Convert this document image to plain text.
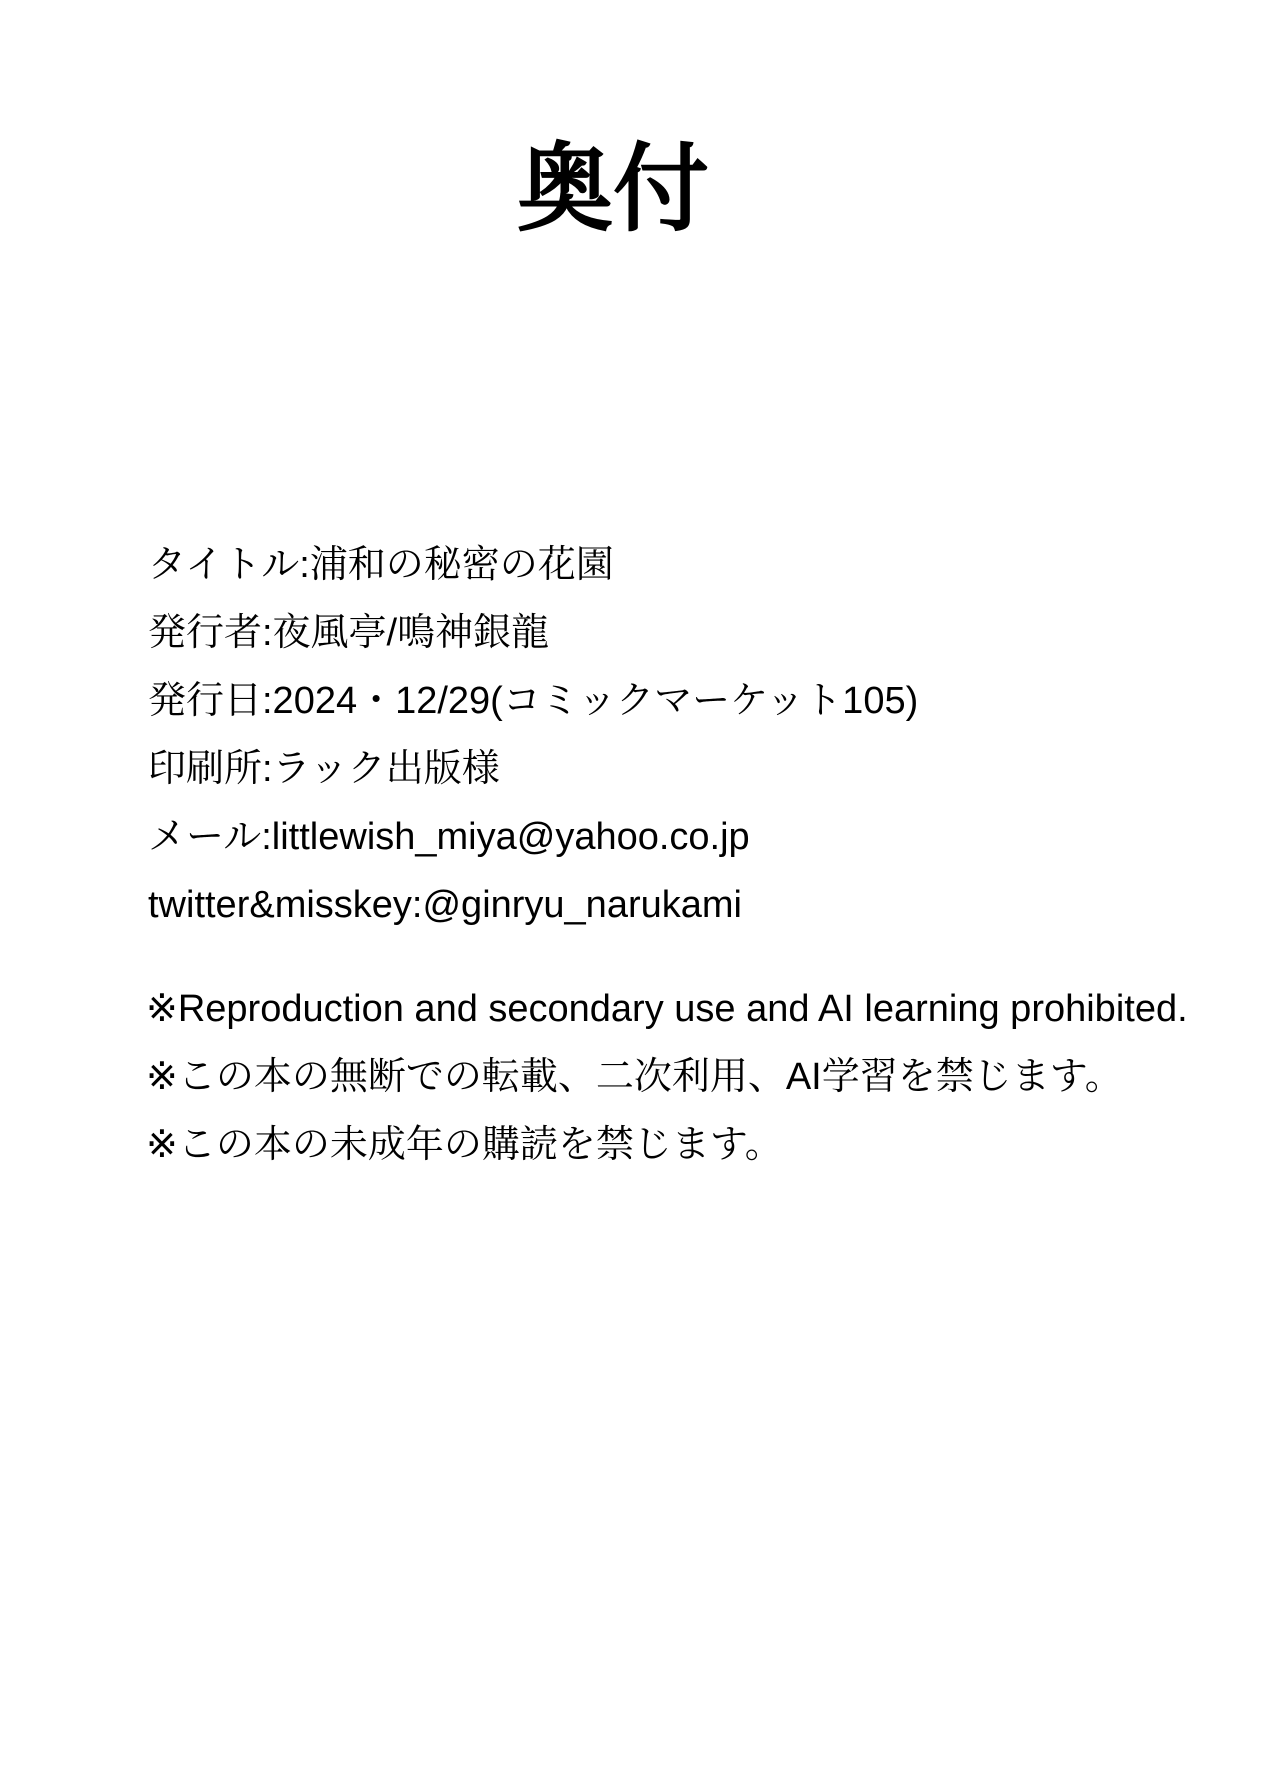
奥付
タイトル:浦和の秘密の花園
発行者:夜風亭/鳴神銀龍
発行日:2024・12/29(コミックマーケット105)
印刷所:ラック出版様
メール:littlewish_miya@yahoo.co.jp
twitter&misskey:@ginryu_narukami
※Reproduction and secondary use and AI learning prohibited.
※この本の無断での転載、二次利用、AI学習を禁じます。
※この本の未成年の購読を禁じます。
